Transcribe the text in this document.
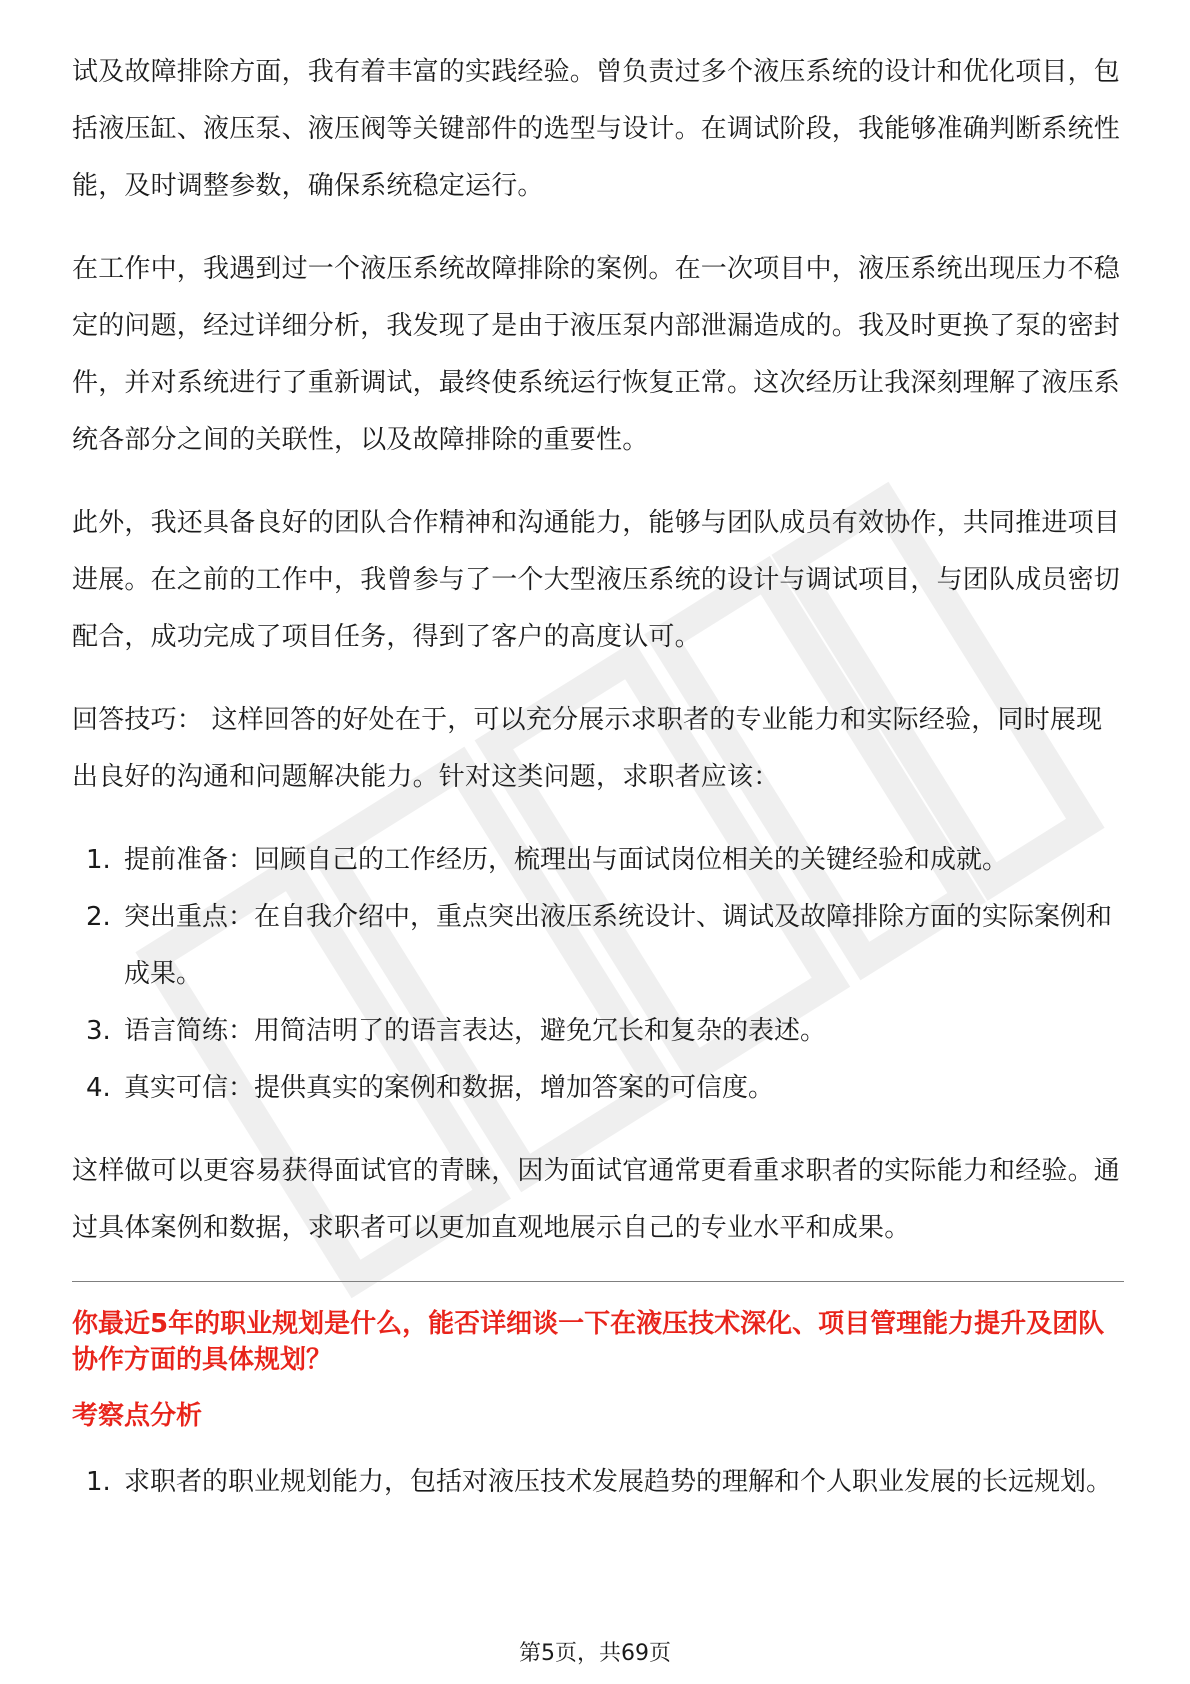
试及故障排除方面，我有着丰富的实践经验。曾负责过多个液压系统的设计和优化项目，包括液压缸、液压泵、液压阀等关键部件的选型与设计。在调试阶段，我能够准确判断系统性能，及时调整参数，确保系统稳定运行。

在工作中，我遇到过一个液压系统故障排除的案例。在一次项目中，液压系统出现压力不稳定的问题，经过详细分析，我发现了是由于液压泵内部泄漏造成的。我及时更换了泵的密封件，并对系统进行了重新调试，最终使系统运行恢复正常。这次经历让我深刻理解了液压系统各部分之间的关联性，以及故障排除的重要性。

此外，我还具备良好的团队合作精神和沟通能力，能够与团队成员有效协作，共同推进项目进展。在之前的工作中，我曾参与了一个大型液压系统的设计与调试项目，与团队成员密切配合，成功完成了项目任务，得到了客户的高度认可。

回答技巧： 这样回答的好处在于，可以充分展示求职者的专业能力和实际经验，同时展现出良好的沟通和问题解决能力。针对这类问题，求职者应该：

1. 提前准备：回顾自己的工作经历，梳理出与面试岗位相关的关键经验和成就。
2. 突出重点：在自我介绍中，重点突出液压系统设计、调试及故障排除方面的实际案例和成果。
3. 语言简练：用简洁明了的语言表达，避免冗长和复杂的表述。
4. 真实可信：提供真实的案例和数据，增加答案的可信度。

这样做可以更容易获得面试官的青睐，因为面试官通常更看重求职者的实际能力和经验。通过具体案例和数据，求职者可以更加直观地展示自己的专业水平和成果。

你最近5年的职业规划是什么，能否详细谈一下在液压技术深化、项目管理能力提升及团队协作方面的具体规划？
考察点分析
1. 求职者的职业规划能力，包括对液压技术发展趋势的理解和个人职业发展的长远规划。
第5页，共69页
